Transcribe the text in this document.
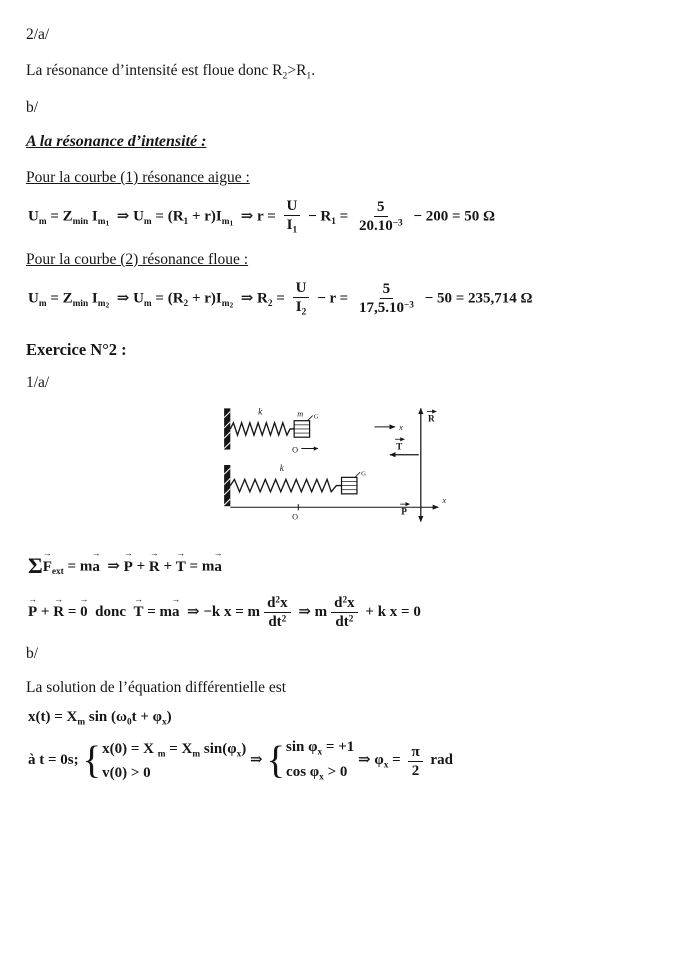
2/a/

La résonance d’intensité est floue donc $R_2>R_1$.

b/

A la résonance d’intensité :

Pour la courbe (1) résonance aigue :

$U_m = Z_{min}$ $I_{m1}$  ⇒ $U_m = (R_1 + r)I_{m1}$  ⇒ $r = \frac{U}{I_1} - R_1 = \frac{5}{20.10^{-3}} - 200 = 50$ Ω

Pour la courbe (2) résonance floue :

$U_m = Z_{min}$ $I_{m2}$  ⇒ $U_m = (R_2 + r)I_{m2}$  ⇒ $R_2 = \frac{U}{I_2} - r = \frac{5}{17,5.10^{-3}} - 50 = 235,714$ Ω
Exercice N°2 :

1/a/

k	m G
O
x
R
P
T
k	G
O
x
$\Sigma F \to_{ext}$ = ma →  ⇒ P → + R → + T → = ma →
P → + R → = 0 →  donc  T → = ma →  ⇒ −k x = m $\frac{d^2x}{dt^2}$ ⇒ m $\frac{d^2x}{dt^2} + k$ x = 0

b/

La solution de l’équation différentielle est

$x(t) = X_m$ $\sin (\omega_0t + \varphi_x)$
à t = 0s; { x(0) = X $_m = X_m$ $\sin(\varphi_x)$
v(0) > 0
⇒ { $\sin \varphi_x = +1$
$\cos \varphi_x > 0$
⇒ $\varphi_x = \frac{\pi}{2}$ rad
